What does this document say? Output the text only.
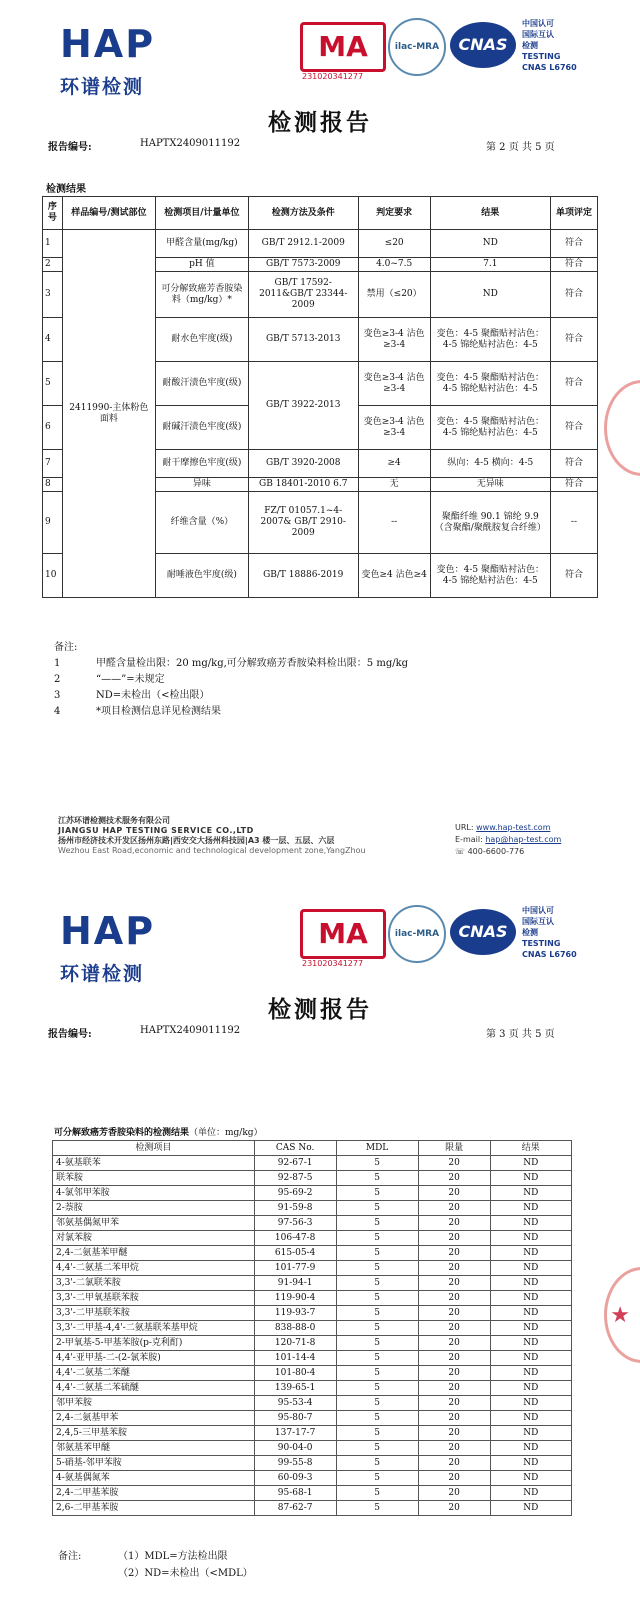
HAP
环谱检测
MA
231020341277
ilac-MRA	CNAS
中国认可
国际互认
检测
TESTING
CNAS L6760
检测报告
报告编号:	HAPTX2409011192	第 2 页 共 5 页
检测结果
序号	样品编号/测试部位	检测项目/计量单位	检测方法及条件	判定要求	结果	单项评定
1	2411990-主体粉色面料	甲醛含量(mg/kg)	GB/T 2912.1-2009	≤20	ND	符合
2		pH 值	GB/T 7573-2009	4.0~7.5	7.1	符合
3		可分解致癌芳香胺染料（mg/kg）*	GB/T 17592-2011&GB/T 23344-2009	禁用（≤20）	ND	符合
4		耐水色牢度(级)	GB/T 5713-2013	变色≥3-4 沾色≥3-4	变色：4-5 聚酯贴衬沾色：4-5 锦纶贴衬沾色：4-5	符合
5		耐酸汗渍色牢度(级)	GB/T 3922-2013	变色≥3-4 沾色≥3-4	变色：4-5 聚酯贴衬沾色：4-5 锦纶贴衬沾色：4-5	符合
6		耐碱汗渍色牢度(级)		变色≥3-4 沾色≥3-4	变色：4-5 聚酯贴衬沾色：4-5 锦纶贴衬沾色：4-5	符合
7		耐干摩擦色牢度(级)	GB/T 3920-2008	≥4	纵向：4-5 横向：4-5	符合
8		异味	GB 18401-2010 6.7	无	无异味	符合
9		纤维含量（%）	FZ/T 01057.1~4-2007& GB/T 2910-2009	--	聚酯纤维 90.1 锦纶 9.9 （含聚酯/聚酰胺复合纤维）	--
10		耐唾液色牢度(级)	GB/T 18886-2019	变色≥4 沾色≥4	变色：4-5 聚酯贴衬沾色：4-5 锦纶贴衬沾色：4-5	符合
备注:
1	甲醛含量检出限：20 mg/kg,可分解致癌芳香胺染料检出限：5 mg/kg
2	“——”=未规定
3	ND=未检出（<检出限）
4	*项目检测信息详见检测结果
江苏环谱检测技术服务有限公司
JIANGSU HAP TESTING SERVICE CO.,LTD
扬州市经济技术开发区扬州东路|西安交大扬州科技园|A3 楼一层、五层、六层
Wezhou East Road,economic and technological development zone,YangZhou
URL: www.hap-test.com
E-mail: hap@hap-test.com
☏ 400-6600-776
HAP
环谱检测
MA
231020341277
ilac-MRA	CNAS
中国认可
国际互认
检测
TESTING
CNAS L6760
检测报告
报告编号:	HAPTX2409011192	第 3 页 共 5 页
★
可分解致癌芳香胺染料的检测结果（单位：mg/kg）
检测项目	CAS No.	MDL	限量	结果
4-氨基联苯	92-67-1	5	20	ND
联苯胺	92-87-5	5	20	ND
4-氯邻甲苯胺	95-69-2	5	20	ND
2-萘胺	91-59-8	5	20	ND
邻氨基偶氮甲苯	97-56-3	5	20	ND
对氯苯胺	106-47-8	5	20	ND
2,4-二氨基苯甲醚	615-05-4	5	20	ND
4,4'-二氨基二苯甲烷	101-77-9	5	20	ND
3,3'-二氯联苯胺	91-94-1	5	20	ND
3,3'-二甲氧基联苯胺	119-90-4	5	20	ND
3,3'-二甲基联苯胺	119-93-7	5	20	ND
3,3'-二甲基-4,4'-二氨基联苯基甲烷	838-88-0	5	20	ND
2-甲氧基-5-甲基苯胺(p-克利酊)	120-71-8	5	20	ND
4,4'-亚甲基-二-(2-氯苯胺)	101-14-4	5	20	ND
4,4'-二氨基二苯醚	101-80-4	5	20	ND
4,4'-二氨基二苯硫醚	139-65-1	5	20	ND
邻甲苯胺	95-53-4	5	20	ND
2,4-二氨基甲苯	95-80-7	5	20	ND
2,4,5-三甲基苯胺	137-17-7	5	20	ND
邻氨基苯甲醚	90-04-0	5	20	ND
5-硝基-邻甲苯胺	99-55-8	5	20	ND
4-氨基偶氮苯	60-09-3	5	20	ND
2,4-二甲基苯胺	95-68-1	5	20	ND
2,6-二甲基苯胺	87-62-7	5	20	ND
备注:	（1）MDL=方法检出限
（2）ND=未检出（<MDL）
